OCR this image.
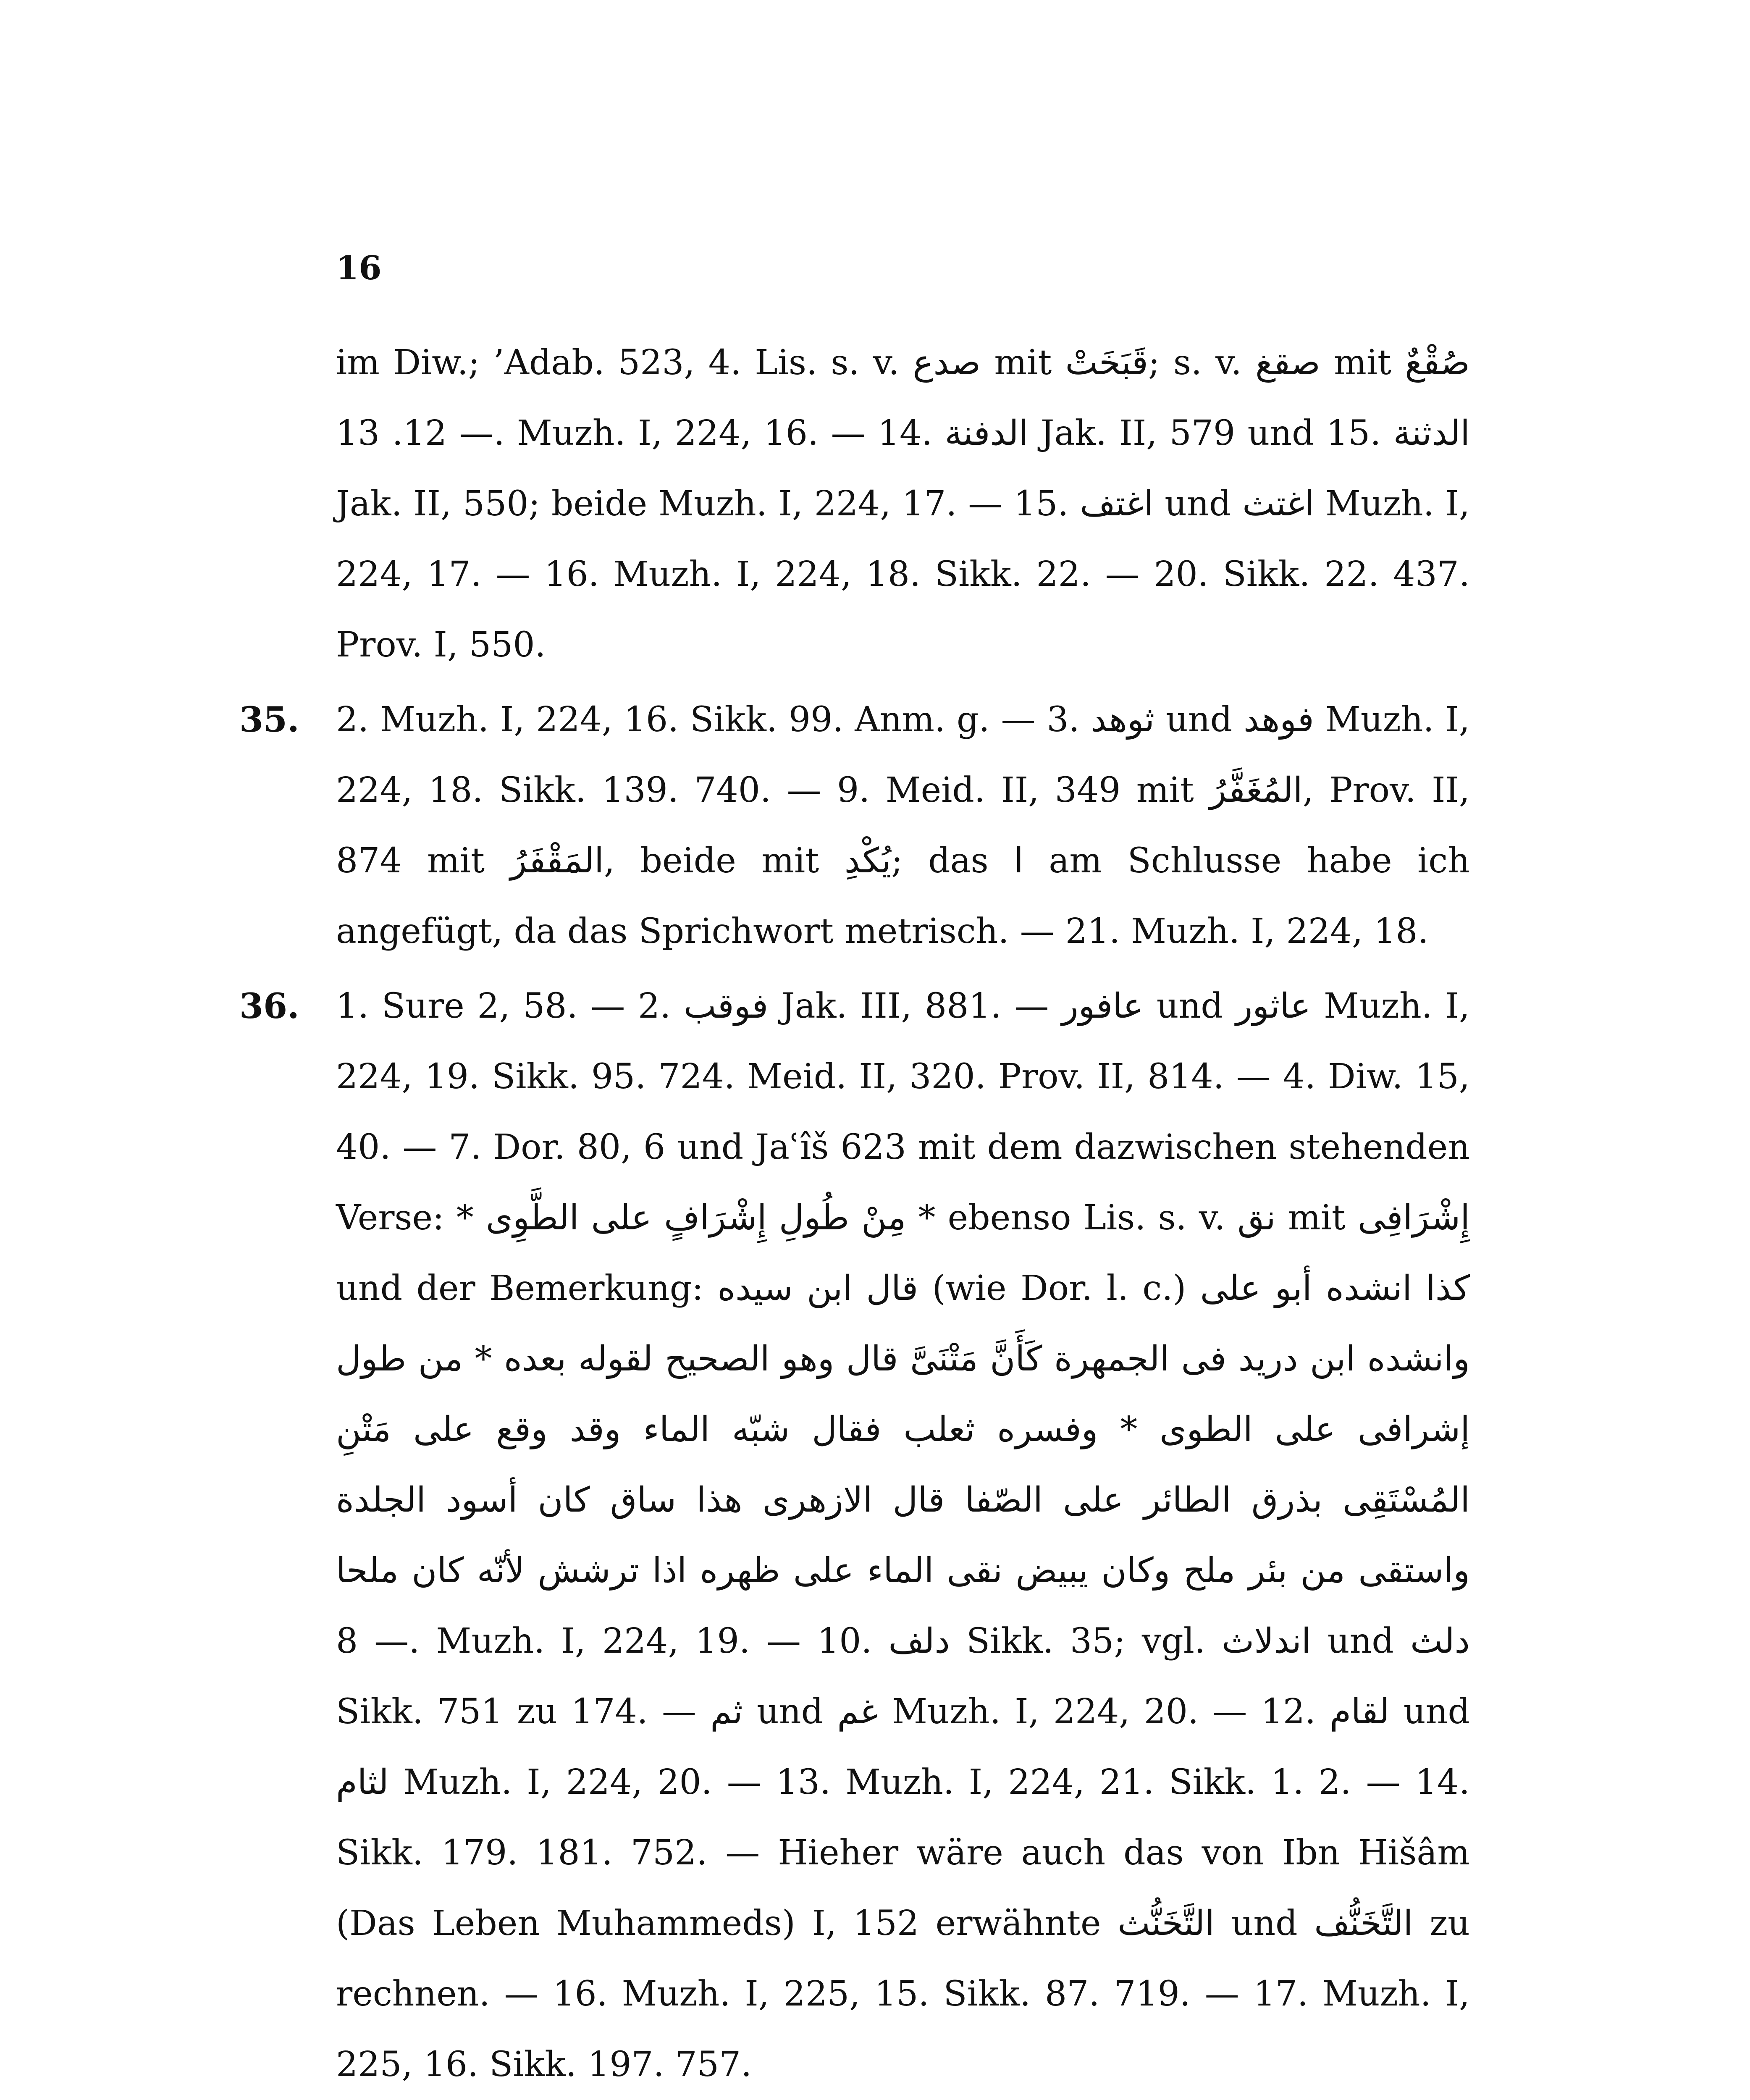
16

im Diw.; ’Adab. 523, 4. Lis. s. v. صدع mit قَبَخَتْ; s. v. صقغ mit صُقْعٌ — 12. 13. Muzh. I, 224, 16. — 14. الدفنة Jak. II, 579 und 15. الدثنة Jak. II, 550; beide Muzh. I, 224, 17. — 15. اغتف und اغتث Muzh. I, 224, 17. — 16. Muzh. I, 224, 18. Sikk. 22. — 20. Sikk. 22. 437. Prov. I, 550.

35. 2. Muzh. I, 224, 16. Sikk. 99. Anm. g. — 3. ثوهد und فوهد Muzh. I, 224, 18. Sikk. 139. 740. — 9. Meid. II, 349 mit المُغَفَّرُ, Prov. II, 874 mit المَقْفَرُ, beide mit يُكْدِ; das ا am Schlusse habe ich angefügt, da das Sprichwort metrisch. — 21. Muzh. I, 224, 18.

36. 1. Sure 2, 58. — 2. فوقب Jak. III, 881. — عافور und عاثور Muzh. I, 224, 19. Sikk. 95. 724. Meid. II, 320. Prov. II, 814. — 4. Diw. 15, 40. — 7. Dor. 80, 6 und Jaʿîš 623 mit dem dazwischen stehenden Verse: * مِنْ طُولِ إِشْرَافٍ على الطَّوِى * ebenso Lis. s. v. نق mit إِشْرَافِى und der Bemerkung: قال ابن سيده (wie Dor. l. c.) كذا انشده أبو على وانشده ابن دريد فى الجمهرة كَأَنَّ مَتْنَىَّ قال وهو الصحيح لقوله بعده * من طول إشرافى على الطوى * وفسره ثعلب فقال شبّه الماء وقد وقع على مَتْنِ المُسْتَقِى بذرق الطائر على الصّفا قال الازهرى هذا ساق كان أسود الجلدة واستقى من بئر ملح وكان يبيض نقى الماء على ظهره اذا ترشش لأنّه كان ملحا — 8. Muzh. I, 224, 19. — 10. دلف Sikk. 35; vgl. اندلاث und دلث Sikk. 751 zu 174. — ثم und غم Muzh. I, 224, 20. — 12. لقام und لثام Muzh. I, 224, 20. — 13. Muzh. I, 224, 21. Sikk. 1. 2. — 14. Sikk. 179. 181. 752. — Hieher wäre auch das von Ibn Hišâm (Das Leben Muhammeds) I, 152 erwähnte التَّخَنُّث und التَّخَنُّف zu rechnen. — 16. Muzh. I, 225, 15. Sikk. 87. 719. — 17. Muzh. I, 225, 16. Sikk. 197. 757.
